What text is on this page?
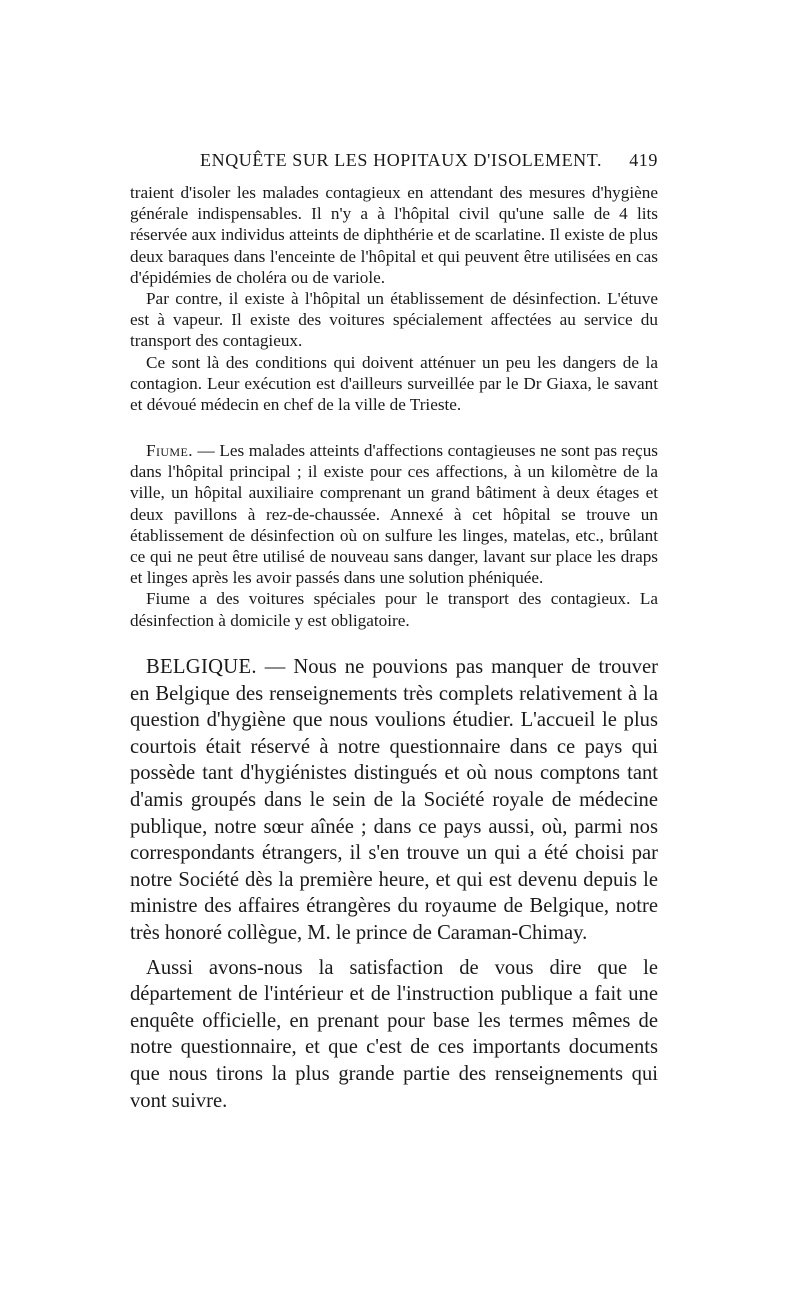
ENQUÊTE SUR LES HOPITAUX D'ISOLEMENT. 419

traient d'isoler les malades contagieux en attendant des mesures d'hygiène générale indispensables. Il n'y a à l'hôpital civil qu'une salle de 4 lits réservée aux individus atteints de diphthérie et de scarlatine. Il existe de plus deux baraques dans l'enceinte de l'hôpital et qui peuvent être utilisées en cas d'épidémies de choléra ou de variole.

Par contre, il existe à l'hôpital un établissement de désinfection. L'étuve est à vapeur. Il existe des voitures spécialement affectées au service du transport des contagieux.

Ce sont là des conditions qui doivent atténuer un peu les dangers de la contagion. Leur exécution est d'ailleurs surveillée par le Dr Giaxa, le savant et dévoué médecin en chef de la ville de Trieste.

Fiume. — Les malades atteints d'affections contagieuses ne sont pas reçus dans l'hôpital principal ; il existe pour ces affections, à un kilomètre de la ville, un hôpital auxiliaire comprenant un grand bâtiment à deux étages et deux pavillons à rez-de-chaussée. Annexé à cet hôpital se trouve un établissement de désinfection où on sulfure les linges, matelas, etc., brûlant ce qui ne peut être utilisé de nouveau sans danger, lavant sur place les draps et linges après les avoir passés dans une solution phéniquée.

Fiume a des voitures spéciales pour le transport des contagieux. La désinfection à domicile y est obligatoire.

BELGIQUE. — Nous ne pouvions pas manquer de trouver en Belgique des renseignements très complets relativement à la question d'hygiène que nous voulions étudier. L'accueil le plus courtois était réservé à notre questionnaire dans ce pays qui possède tant d'hygiénistes distingués et où nous comptons tant d'amis groupés dans le sein de la Société royale de médecine publique, notre sœur aînée ; dans ce pays aussi, où, parmi nos correspondants étrangers, il s'en trouve un qui a été choisi par notre Société dès la première heure, et qui est devenu depuis le ministre des affaires étrangères du royaume de Belgique, notre très honoré collègue, M. le prince de Caraman-Chimay.

Aussi avons-nous la satisfaction de vous dire que le département de l'intérieur et de l'instruction publique a fait une enquête officielle, en prenant pour base les termes mêmes de notre questionnaire, et que c'est de ces importants documents que nous tirons la plus grande partie des renseignements qui vont suivre.
